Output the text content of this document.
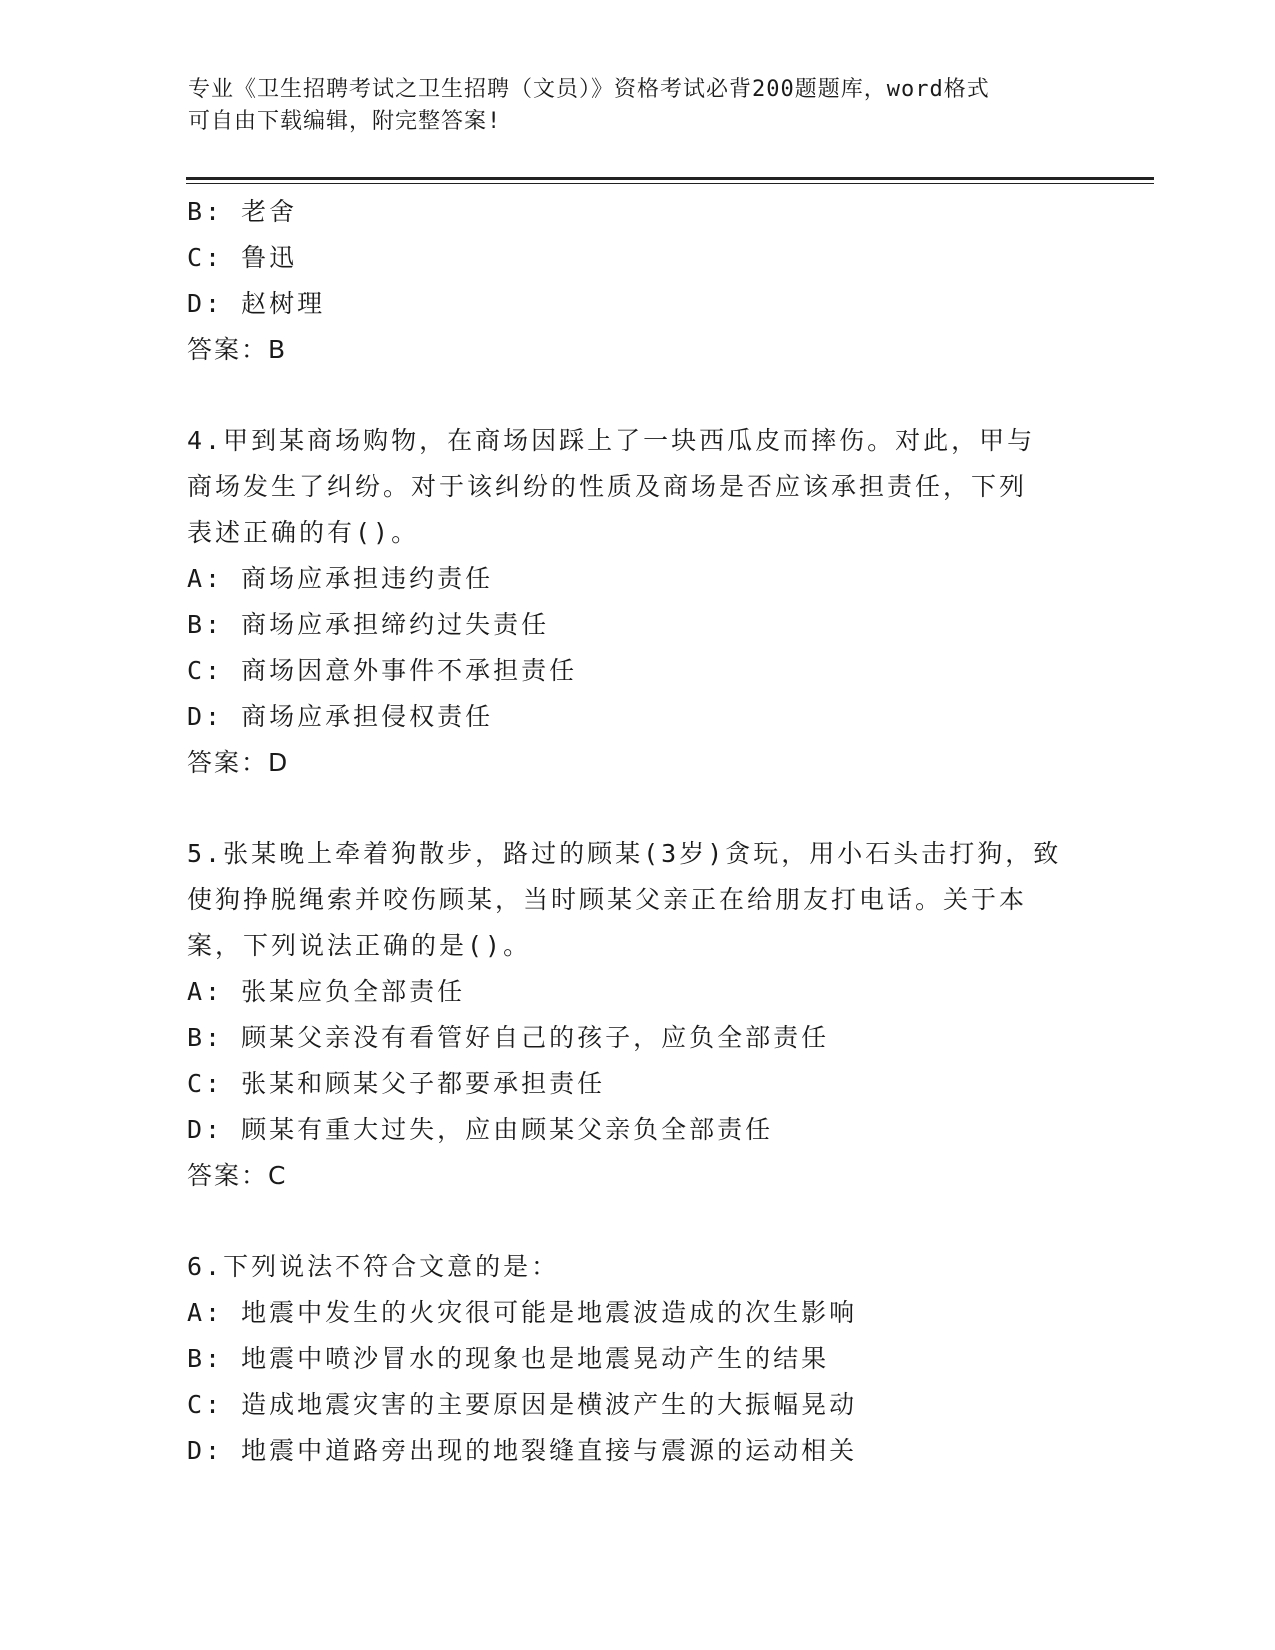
专业《卫生招聘考试之卫生招聘（文员）》资格考试必背200题题库，word格式
可自由下载编辑，附完整答案!
B: 老舍
C: 鲁迅
D: 赵树理
答案：B
4.甲到某商场购物，在商场因踩上了一块西瓜皮而摔伤。对此，甲与
商场发生了纠纷。对于该纠纷的性质及商场是否应该承担责任，下列
表述正确的有()。
A: 商场应承担违约责任
B: 商场应承担缔约过失责任
C: 商场因意外事件不承担责任
D: 商场应承担侵权责任
答案：D
5.张某晚上牵着狗散步，路过的顾某(3岁)贪玩，用小石头击打狗，致
使狗挣脱绳索并咬伤顾某，当时顾某父亲正在给朋友打电话。关于本
案，下列说法正确的是()。
A: 张某应负全部责任
B: 顾某父亲没有看管好自己的孩子，应负全部责任
C: 张某和顾某父子都要承担责任
D: 顾某有重大过失，应由顾某父亲负全部责任
答案：C
6.下列说法不符合文意的是：
A: 地震中发生的火灾很可能是地震波造成的次生影响
B: 地震中喷沙冒水的现象也是地震晃动产生的结果
C: 造成地震灾害的主要原因是横波产生的大振幅晃动
D: 地震中道路旁出现的地裂缝直接与震源的运动相关
